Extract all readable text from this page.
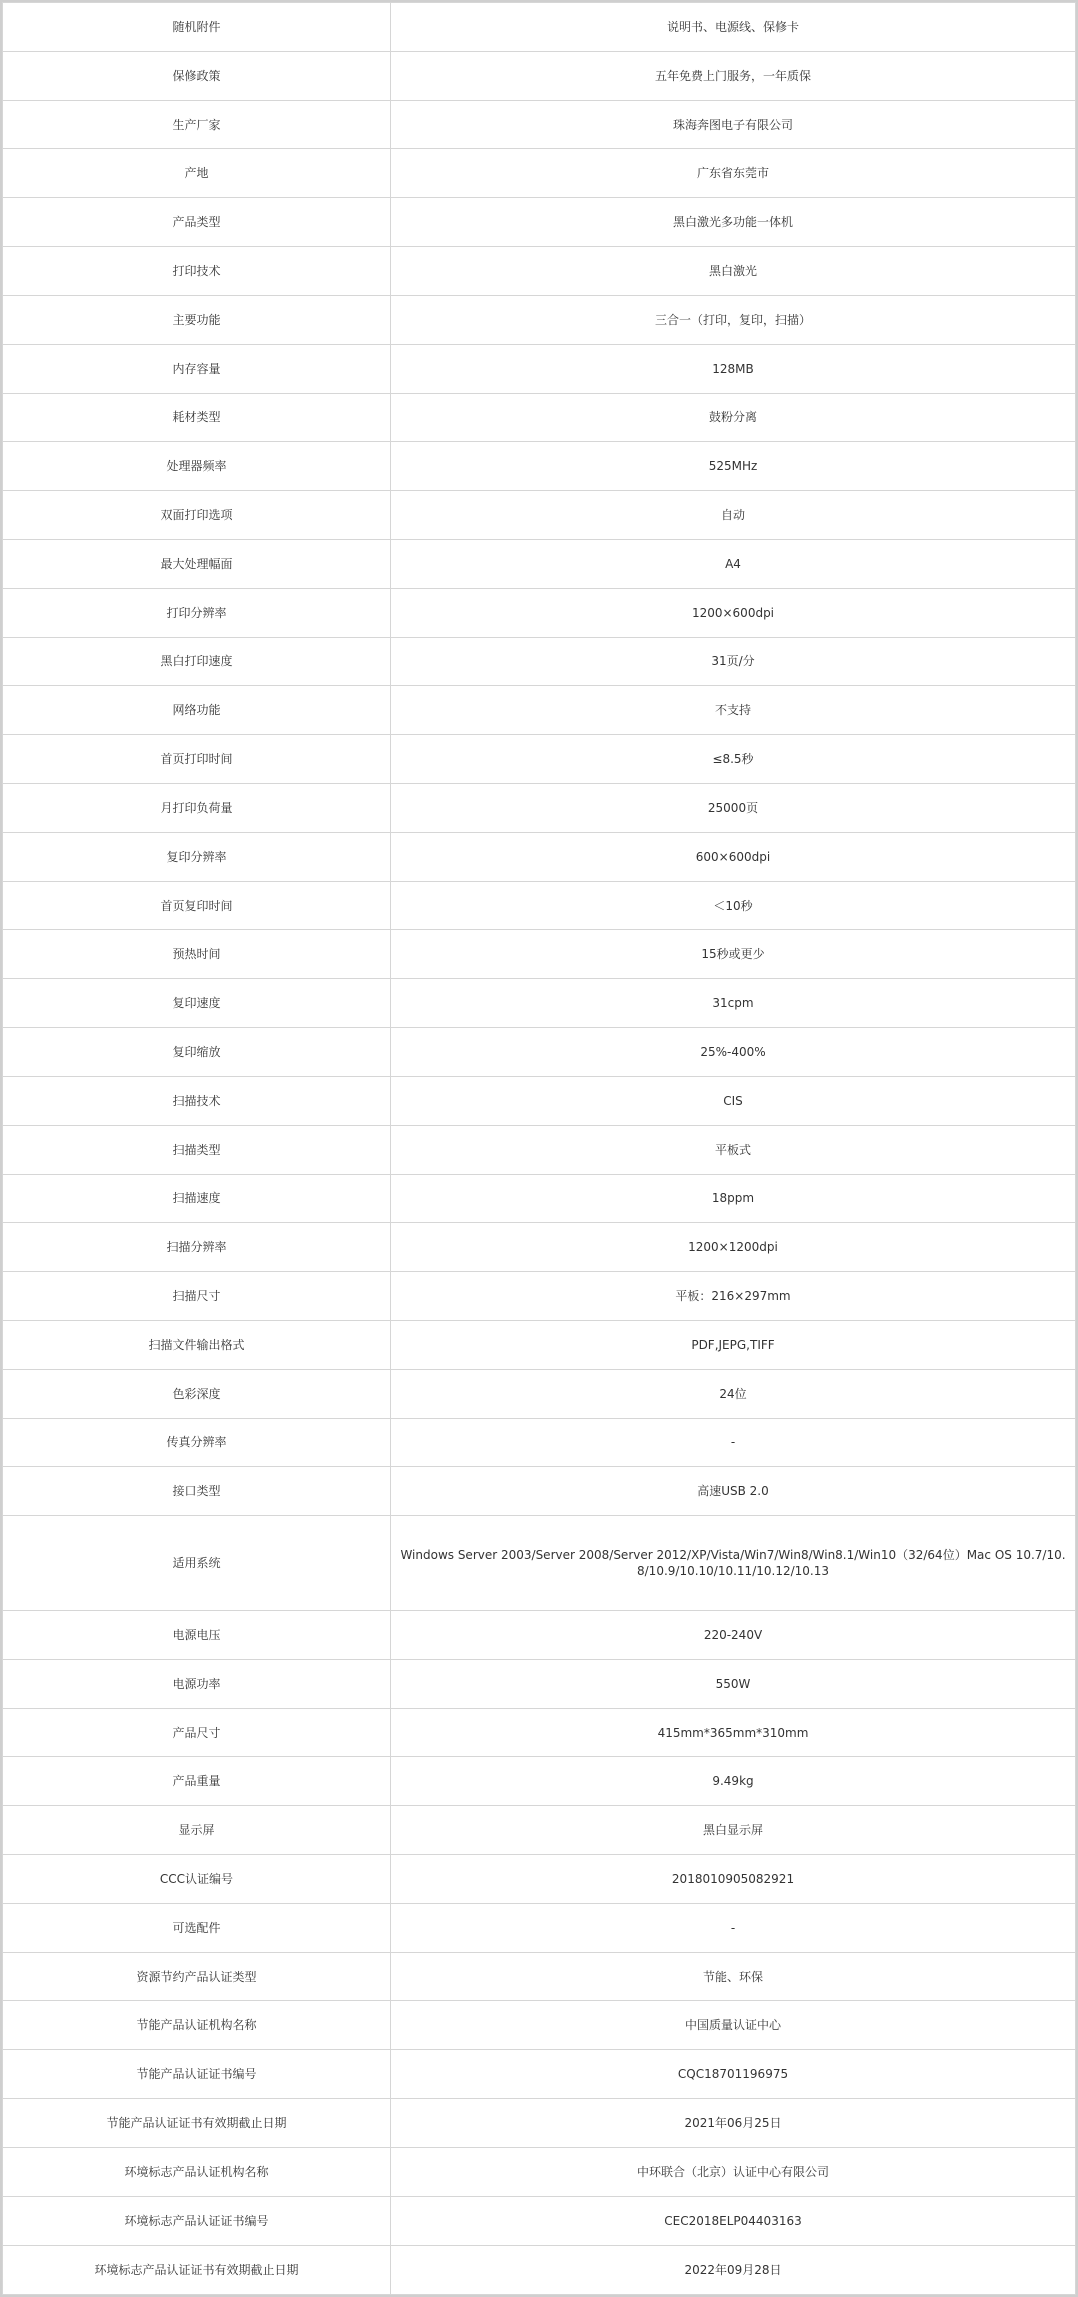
随机附件	说明书、电源线、保修卡
保修政策	五年免费上门服务，一年质保
生产厂家	珠海奔图电子有限公司
产地	广东省东莞市
产品类型	黑白激光多功能一体机
打印技术	黑白激光
主要功能	三合一（打印，复印，扫描）
内存容量	128MB
耗材类型	鼓粉分离
处理器频率	525MHz
双面打印选项	自动
最大处理幅面	A4
打印分辨率	1200×600dpi
黑白打印速度	31页/分
网络功能	不支持
首页打印时间	≤8.5秒
月打印负荷量	25000页
复印分辨率	600×600dpi
首页复印时间	＜10秒
预热时间	15秒或更少
复印速度	31cpm
复印缩放	25%-400%
扫描技术	CIS
扫描类型	平板式
扫描速度	18ppm
扫描分辨率	1200×1200dpi
扫描尺寸	平板：216×297mm
扫描文件输出格式	PDF,JEPG,TIFF
色彩深度	24位
传真分辨率	-
接口类型	高速USB 2.0
适用系统	Windows Server 2003/Server 2008/Server 2012/XP/Vista/Win7/Win8/Win8.1/Win10（32/64位）Mac OS 10.7/10.8/10.9/10.10/10.11/10.12/10.13
电源电压	220-240V
电源功率	550W
产品尺寸	415mm*365mm*310mm
产品重量	9.49kg
显示屏	黑白显示屏
CCC认证编号	2018010905082921
可选配件	-
资源节约产品认证类型	节能、环保
节能产品认证机构名称	中国质量认证中心
节能产品认证证书编号	CQC18701196975
节能产品认证证书有效期截止日期	2021年06月25日
环境标志产品认证机构名称	中环联合（北京）认证中心有限公司
环境标志产品认证证书编号	CEC2018ELP04403163
环境标志产品认证证书有效期截止日期	2022年09月28日
